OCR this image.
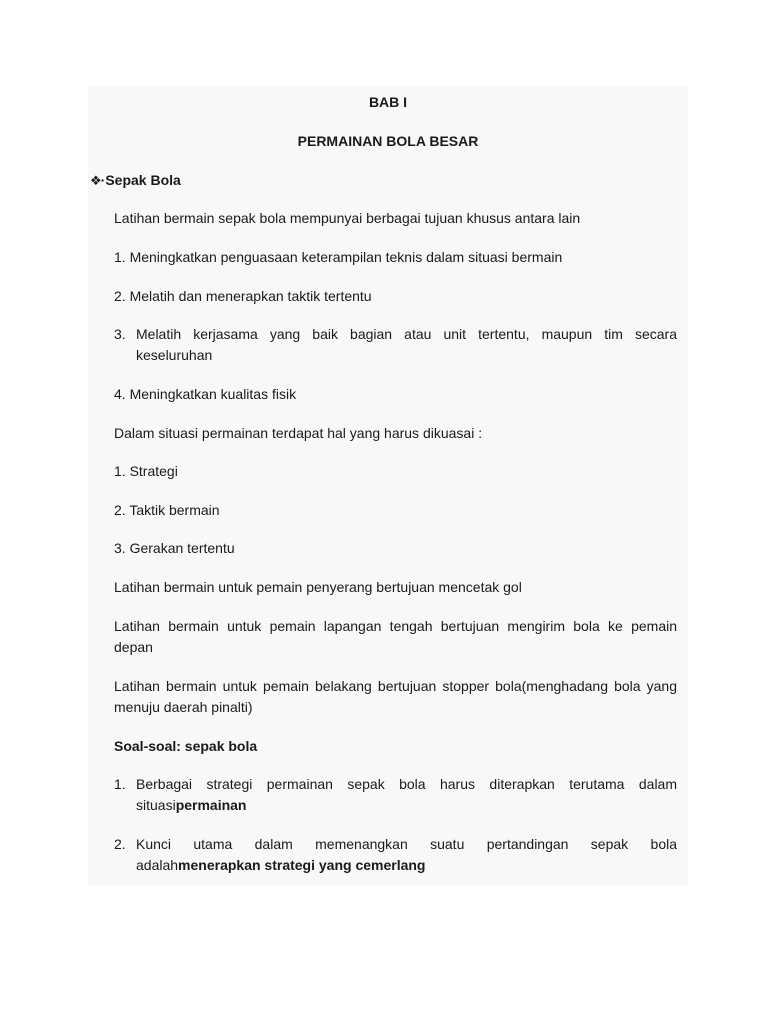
BAB I
PERMAINAN BOLA BESAR
❖·Sepak Bola
Latihan bermain sepak bola mempunyai berbagai tujuan khusus antara lain
1. Meningkatkan penguasaan keterampilan teknis dalam situasi bermain
2. Melatih dan menerapkan taktik tertentu
3. Melatih kerjasama yang baik bagian atau unit tertentu, maupun tim secara
keseluruhan
4. Meningkatkan kualitas fisik
Dalam situasi permainan terdapat hal yang harus dikuasai :
1. Strategi
2. Taktik bermain
3. Gerakan tertentu
Latihan bermain untuk pemain penyerang bertujuan mencetak gol
Latihan bermain untuk pemain lapangan tengah bertujuan mengirim bola ke pemain
depan
Latihan bermain untuk pemain belakang bertujuan stopper bola(menghadang bola yang
menuju daerah pinalti)
Soal-soal: sepak bola
1. Berbagai strategi permainan sepak bola harus diterapkan terutama dalam
situasipermainan
2. Kunci utama dalam memenangkan suatu pertandingan sepak bola
adalahmenerapkan strategi yang cemerlang
